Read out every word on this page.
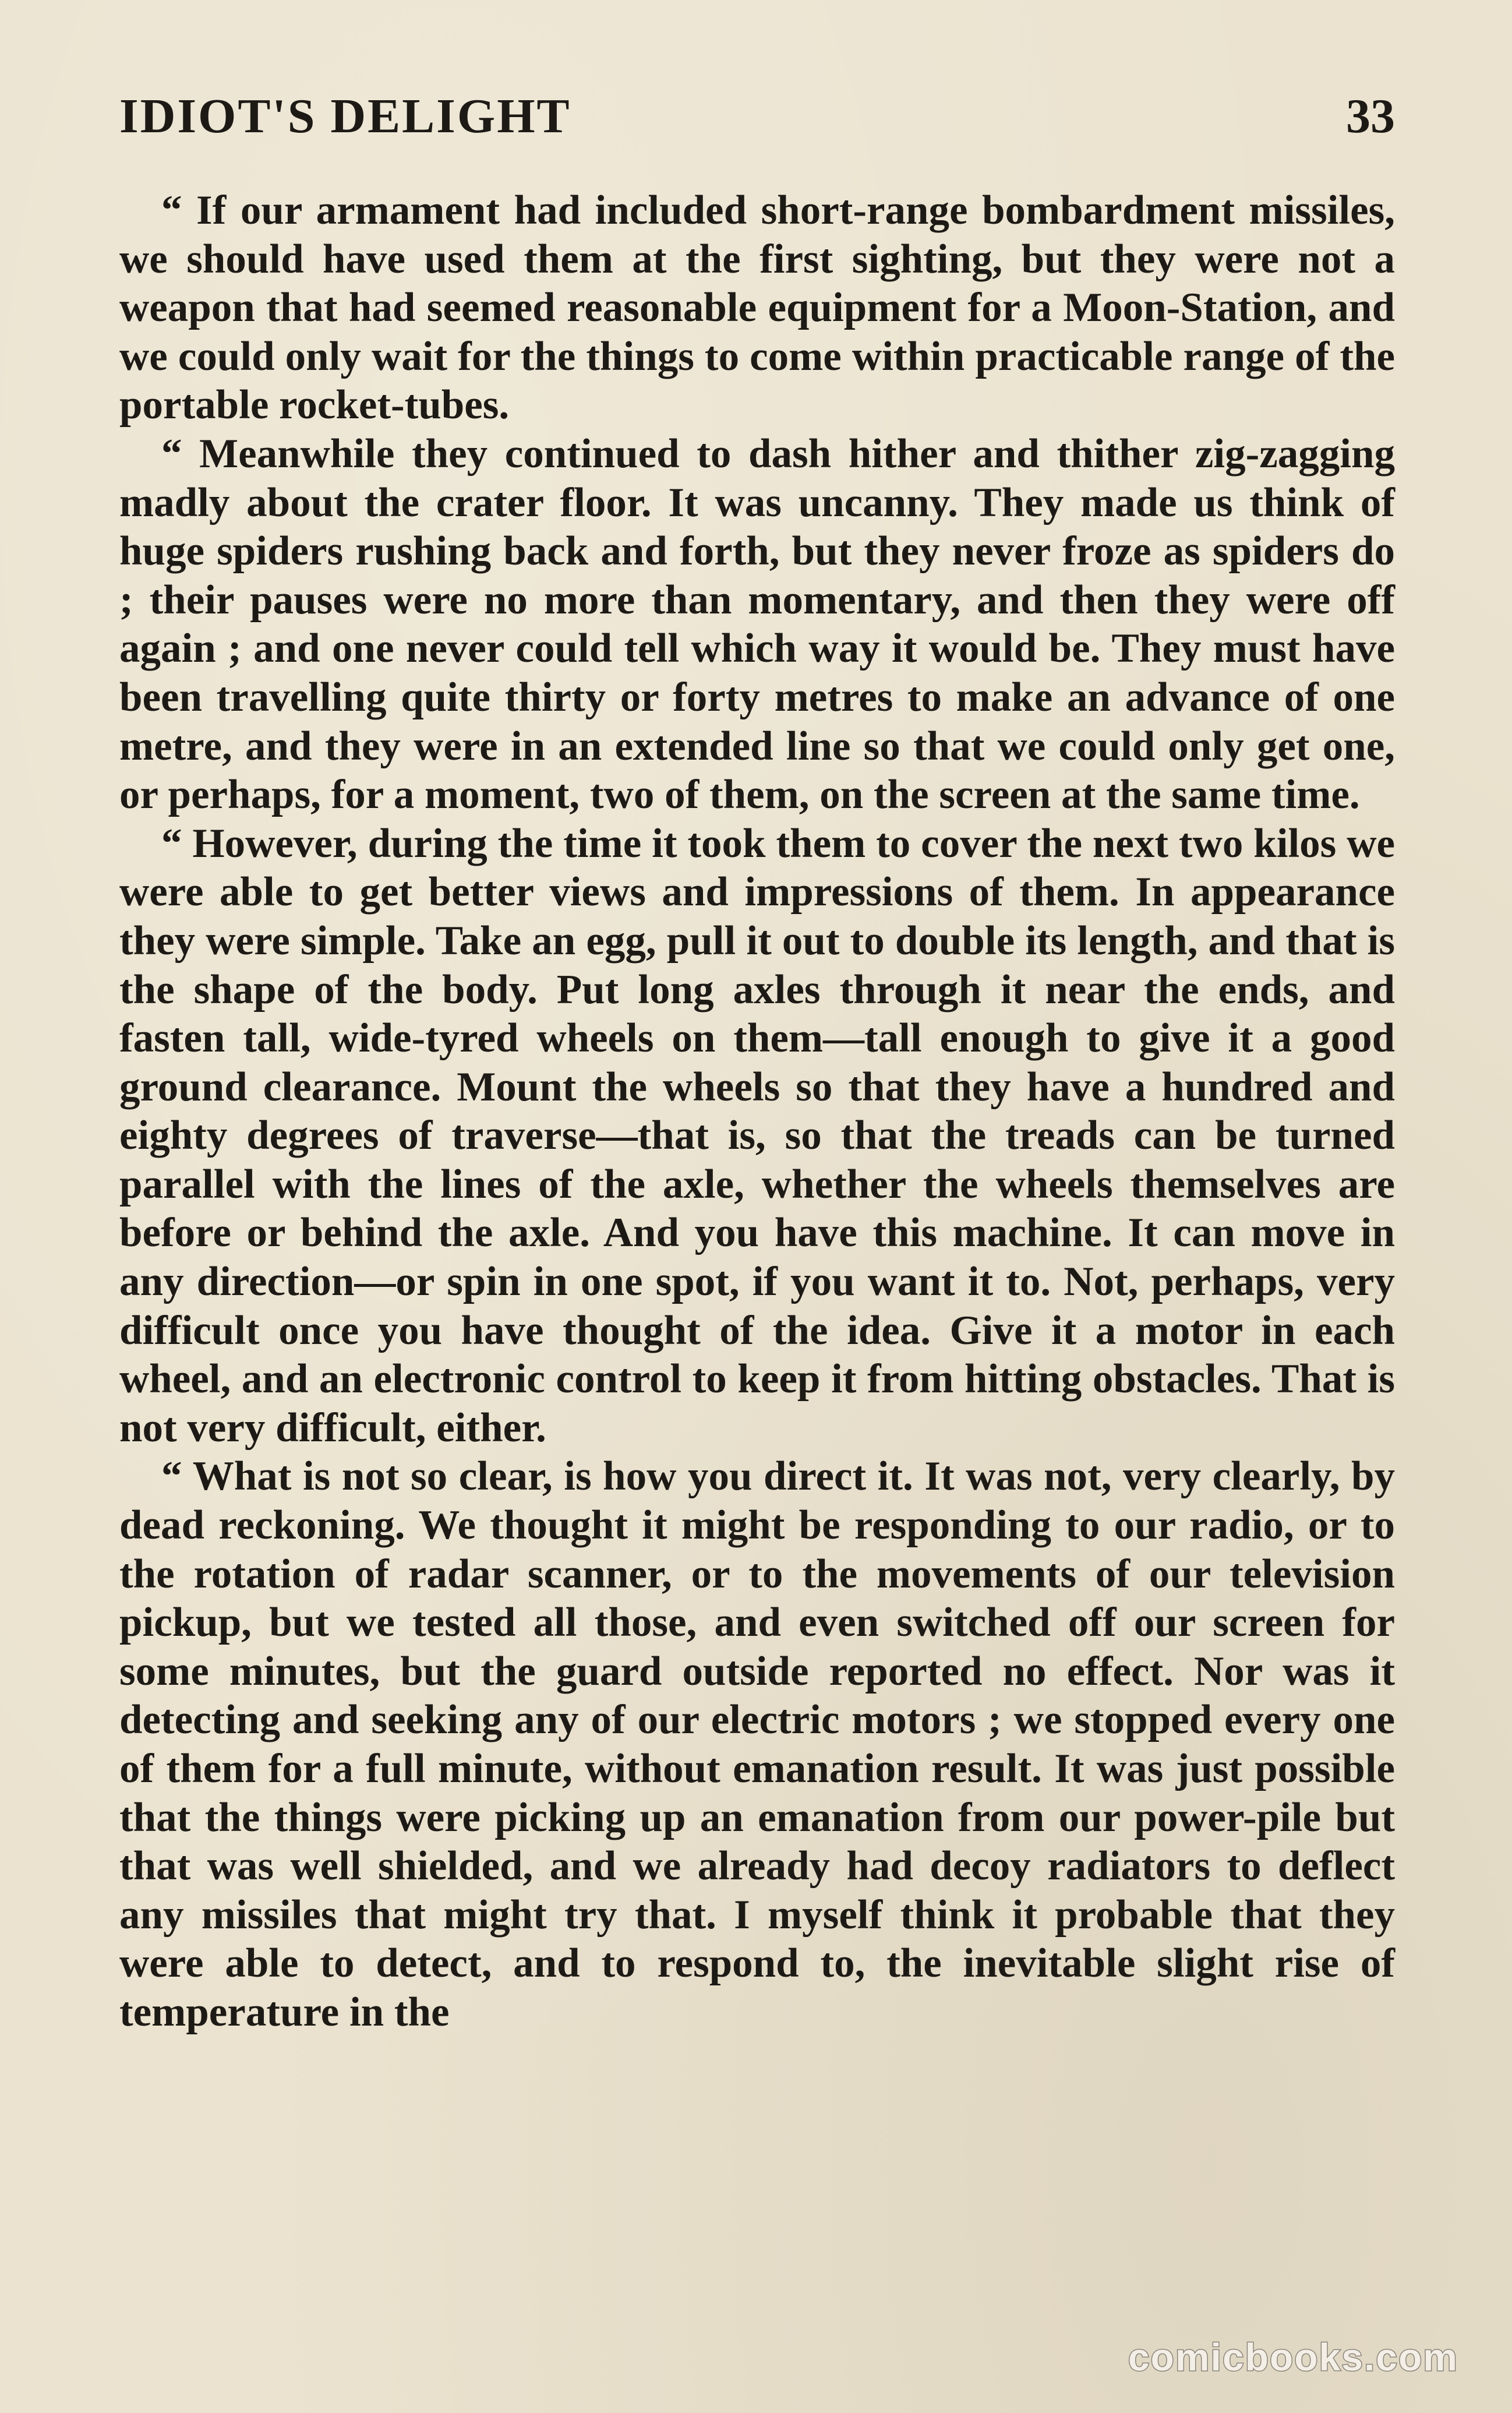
IDIOT'S DELIGHT	33

“ If our armament had included short-range bombardment missiles, we should have used them at the first sighting, but they were not a weapon that had seemed reasonable equipment for a Moon-Station, and we could only wait for the things to come within practicable range of the portable rocket-tubes.

“ Meanwhile they continued to dash hither and thither zig-zagging madly about the crater floor. It was uncanny. They made us think of huge spiders rushing back and forth, but they never froze as spiders do ; their pauses were no more than momentary, and then they were off again ; and one never could tell which way it would be. They must have been travelling quite thirty or forty metres to make an advance of one metre, and they were in an extended line so that we could only get one, or perhaps, for a moment, two of them, on the screen at the same time.

“ However, during the time it took them to cover the next two kilos we were able to get better views and impressions of them. In appearance they were simple. Take an egg, pull it out to double its length, and that is the shape of the body. Put long axles through it near the ends, and fasten tall, wide-tyred wheels on them—tall enough to give it a good ground clearance. Mount the wheels so that they have a hundred and eighty degrees of traverse—that is, so that the treads can be turned parallel with the lines of the axle, whether the wheels themselves are before or behind the axle. And you have this machine. It can move in any direction—or spin in one spot, if you want it to. Not, perhaps, very difficult once you have thought of the idea. Give it a motor in each wheel, and an electronic control to keep it from hitting obstacles. That is not very difficult, either.

“ What is not so clear, is how you direct it. It was not, very clearly, by dead reckoning. We thought it might be responding to our radio, or to the rotation of radar scanner, or to the movements of our television pickup, but we tested all those, and even switched off our screen for some minutes, but the guard outside reported no effect. Nor was it detecting and seeking any of our electric motors ; we stopped every one of them for a full minute, without emanation result. It was just possible that the things were picking up an emanation from our power-pile but that was well shielded, and we already had decoy radiators to deflect any missiles that might try that. I myself think it probable that they were able to detect, and to respond to, the inevitable slight rise of temperature in the

comicbooks.com
